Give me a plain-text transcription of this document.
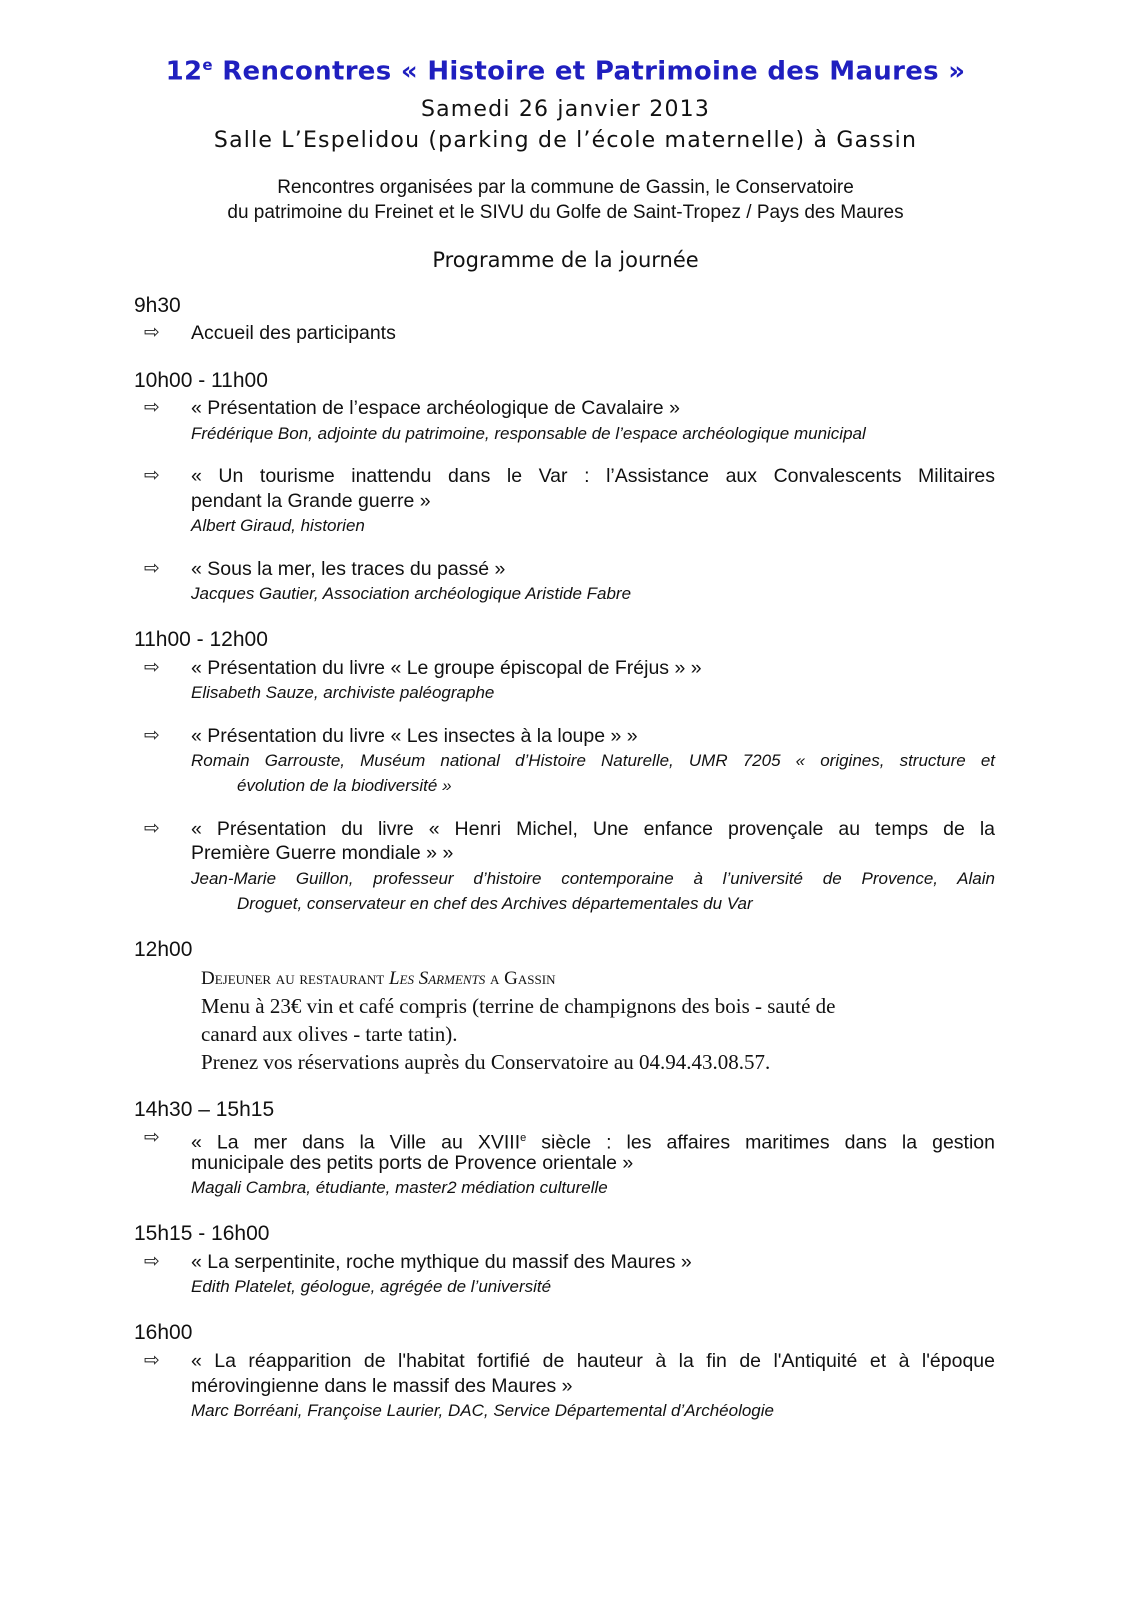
12e Rencontres « Histoire et Patrimoine des Maures »
Samedi 26 janvier 2013
Salle L’Espelidou (parking de l’école maternelle) à Gassin
Rencontres organisées par la commune de Gassin, le Conservatoire
du patrimoine du Freinet et le SIVU du Golfe de Saint-Tropez / Pays des Maures
Programme de la journée
9h30
⇨ Accueil des participants
10h00 - 11h00
⇨ « Présentation de l’espace archéologique de Cavalaire »
Frédérique Bon, adjointe du patrimoine, responsable de l’espace archéologique municipal
⇨ « Un tourisme inattendu dans le Var : l’Assistance aux Convalescents Militaires
pendant la Grande guerre »
Albert Giraud, historien
⇨ « Sous la mer, les traces du passé »
Jacques Gautier, Association archéologique Aristide Fabre
11h00 - 12h00
⇨ « Présentation du livre « Le groupe épiscopal de Fréjus » »
Elisabeth Sauze, archiviste paléographe
⇨ « Présentation du livre « Les insectes à la loupe » »
Romain Garrouste, Muséum national d’Histoire Naturelle, UMR 7205 « origines, structure et
évolution de la biodiversité »
⇨ « Présentation du livre « Henri Michel, Une enfance provençale au temps de la
Première Guerre mondiale » »
Jean-Marie Guillon, professeur d’histoire contemporaine à l’université de Provence, Alain
Droguet, conservateur en chef des Archives départementales du Var
12h00
Dejeuner au restaurant Les Sarments a Gassin
Menu à 23€ vin et café compris (terrine de champignons des bois - sauté de
canard aux olives - tarte tatin).
Prenez vos réservations auprès du Conservatoire au 04.94.43.08.57.
14h30 – 15h15
⇨ « La mer dans la Ville au XVIIIe siècle : les affaires maritimes dans la gestion
municipale des petits ports de Provence orientale »
Magali Cambra, étudiante, master2 médiation culturelle
15h15 - 16h00
⇨ « La serpentinite, roche mythique du massif des Maures »
Edith Platelet, géologue, agrégée de l’université
16h00
⇨ « La réapparition de l'habitat fortifié de hauteur à la fin de l'Antiquité et à l'époque
mérovingienne dans le massif des Maures »
Marc Borréani, Françoise Laurier, DAC, Service Départemental d’Archéologie
